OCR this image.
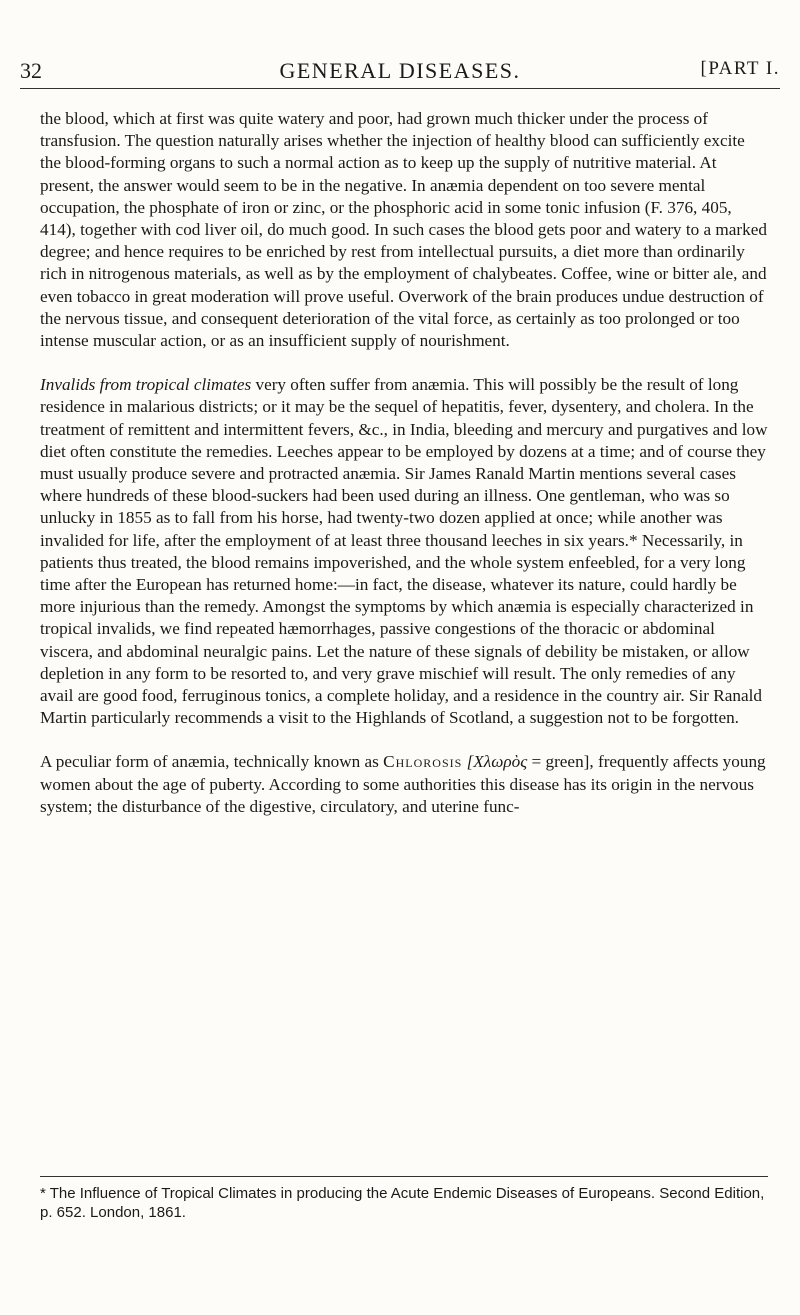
32	GENERAL DISEASES.	[PART I.

the blood, which at first was quite watery and poor, had grown much thicker under the process of transfusion. The question naturally arises whether the injection of healthy blood can sufficiently excite the blood-forming organs to such a normal action as to keep up the supply of nutritive material. At present, the answer would seem to be in the negative. In anæmia dependent on too severe mental occupation, the phosphate of iron or zinc, or the phosphoric acid in some tonic infusion (F. 376, 405, 414), together with cod liver oil, do much good. In such cases the blood gets poor and watery to a marked degree; and hence requires to be enriched by rest from intellectual pursuits, a diet more than ordinarily rich in nitrogenous materials, as well as by the employment of chalybeates. Coffee, wine or bitter ale, and even tobacco in great moderation will prove useful. Overwork of the brain produces undue destruction of the nervous tissue, and consequent deterioration of the vital force, as certainly as too prolonged or too intense muscular action, or as an insufficient supply of nourishment.

Invalids from tropical climates very often suffer from anæmia. This will possibly be the result of long residence in malarious districts; or it may be the sequel of hepatitis, fever, dysentery, and cholera. In the treatment of remittent and intermittent fevers, &c., in India, bleeding and mercury and purgatives and low diet often constitute the remedies. Leeches appear to be employed by dozens at a time; and of course they must usually produce severe and protracted anæmia. Sir James Ranald Martin mentions several cases where hundreds of these blood-suckers had been used during an illness. One gentleman, who was so unlucky in 1855 as to fall from his horse, had twenty-two dozen applied at once; while another was invalided for life, after the employment of at least three thousand leeches in six years.* Necessarily, in patients thus treated, the blood remains impoverished, and the whole system enfeebled, for a very long time after the European has returned home:—in fact, the disease, whatever its nature, could hardly be more injurious than the remedy. Amongst the symptoms by which anæmia is especially characterized in tropical invalids, we find repeated hæmorrhages, passive congestions of the thoracic or abdominal viscera, and abdominal neuralgic pains. Let the nature of these signals of debility be mistaken, or allow depletion in any form to be resorted to, and very grave mischief will result. The only remedies of any avail are good food, ferruginous tonics, a complete holiday, and a residence in the country air. Sir Ranald Martin particularly recommends a visit to the Highlands of Scotland, a suggestion not to be forgotten.

A peculiar form of anæmia, technically known as Chlorosis [Χλωρὸς = green], frequently affects young women about the age of puberty. According to some authorities this disease has its origin in the nervous system; the disturbance of the digestive, circulatory, and uterine func-

* The Influence of Tropical Climates in producing the Acute Endemic Diseases of Europeans. Second Edition, p. 652. London, 1861.
